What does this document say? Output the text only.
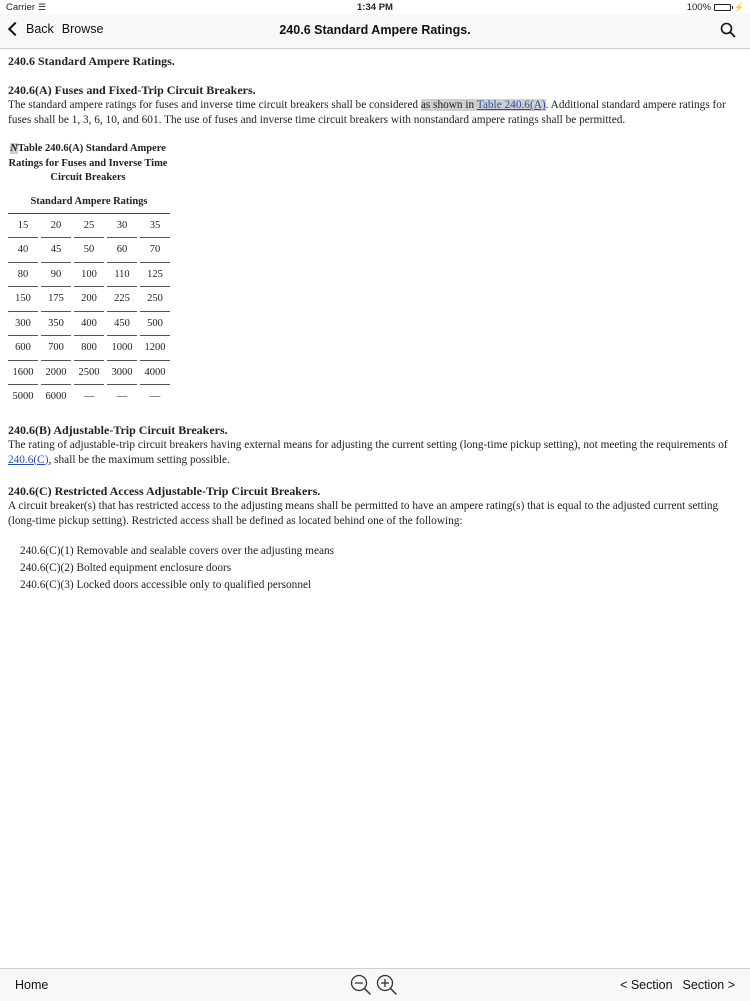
Carrier ☰	1:34 PM	100%	⚡
Back Browse	240.6 Standard Ampere Ratings.
240.6 Standard Ampere Ratings.
240.6(A) Fuses and Fixed-Trip Circuit Breakers.

The standard ampere ratings for fuses and inverse time circuit breakers shall be considered as shown in Table 240.6(A). Additional standard ampere ratings for fuses shall be 1, 3, 6, 10, and 601. The use of fuses and inverse time circuit breakers with nonstandard ampere ratings shall be permitted.

NTable 240.6(A) Standard Ampere Ratings for Fuses and Inverse Time Circuit Breakers
Standard Ampere Ratings				
15	20	25	30	35
40	45	50	60	70
80	90	100	110	125
150	175	200	225	250
300	350	400	450	500
600	700	800	1000	1200
1600	2000	2500	3000	4000
5000	6000	—	—	—
240.6(B) Adjustable-Trip Circuit Breakers.

The rating of adjustable-trip circuit breakers having external means for adjusting the current setting (long-time pickup setting), not meeting the requirements of 240.6(C), shall be the maximum setting possible.

240.6(C) Restricted Access Adjustable-Trip Circuit Breakers.

A circuit breaker(s) that has restricted access to the adjusting means shall be permitted to have an ampere rating(s) that is equal to the adjusted current setting (long-time pickup setting). Restricted access shall be defined as located behind one of the following:

240.6(C)(1) Removable and sealable covers over the adjusting means
240.6(C)(2) Bolted equipment enclosure doors
240.6(C)(3) Locked doors accessible only to qualified personnel
Home	< Section Section >
